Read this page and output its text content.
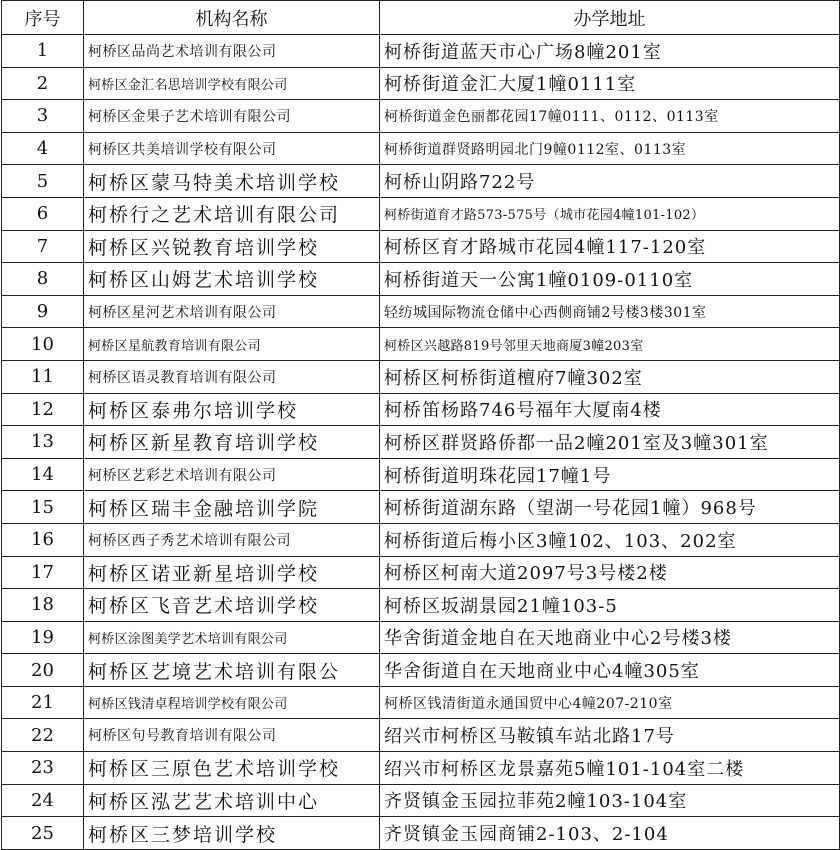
序号	机构名称	办学地址
1	柯桥区品尚艺术培训有限公司	柯桥街道蓝天市心广场8幢201室
2	柯桥区金汇名思培训学校有限公司	柯桥街道金汇大厦1幢0111室
3	柯桥区金果子艺术培训有限公司	柯桥街道金色丽都花园17幢0111、0112、0113室
4	柯桥区共美培训学校有限公司	柯桥街道群贤路明园北门9幢0112室、0113室
5	柯桥区蒙马特美术培训学校	柯桥山阴路722号
6	柯桥行之艺术培训有限公司	柯桥街道育才路573-575号（城市花园4幢101-102）
7	柯桥区兴锐教育培训学校	柯桥区育才路城市花园4幢117-120室
8	柯桥区山姆艺术培训学校	柯桥街道天一公寓1幢0109-0110室
9	柯桥区星河艺术培训有限公司	轻纺城国际物流仓储中心西侧商铺2号楼3楼301室
10	柯桥区星航教育培训有限公司	柯桥区兴越路819号邻里天地商厦3幢203室
11	柯桥区语灵教育培训有限公司	柯桥区柯桥街道檀府7幢302室
12	柯桥区泰弗尔培训学校	柯桥笛杨路746号福年大厦南4楼
13	柯桥区新星教育培训学校	柯桥区群贤路侨都一品2幢201室及3幢301室
14	柯桥区艺彩艺术培训有限公司	柯桥街道明珠花园17幢1号
15	柯桥区瑞丰金融培训学院	柯桥街道湖东路（望湖一号花园1幢）968号
16	柯桥区西子秀艺术培训有限公司	柯桥街道后梅小区3幢102、103、202室
17	柯桥区诺亚新星培训学校	柯桥区柯南大道2097号3号楼2楼
18	柯桥区飞音艺术培训学校	柯桥区坂湖景园21幢103-5
19	柯桥区涂图美学艺术培训有限公司	华舍街道金地自在天地商业中心2号楼3楼
20	柯桥区艺境艺术培训有限公	华舍街道自在天地商业中心4幢305室
21	柯桥区钱清卓程培训学校有限公司	柯桥区钱清街道永通国贸中心4幢207-210室
22	柯桥区句号教育培训有限公司	绍兴市柯桥区马鞍镇车站北路17号
23	柯桥区三原色艺术培训学校	绍兴市柯桥区龙景嘉苑5幢101-104室二楼
24	柯桥区泓艺艺术培训中心	齐贤镇金玉园拉菲苑2幢103-104室
25	柯桥区三梦培训学校	齐贤镇金玉园商铺2-103、2-104
